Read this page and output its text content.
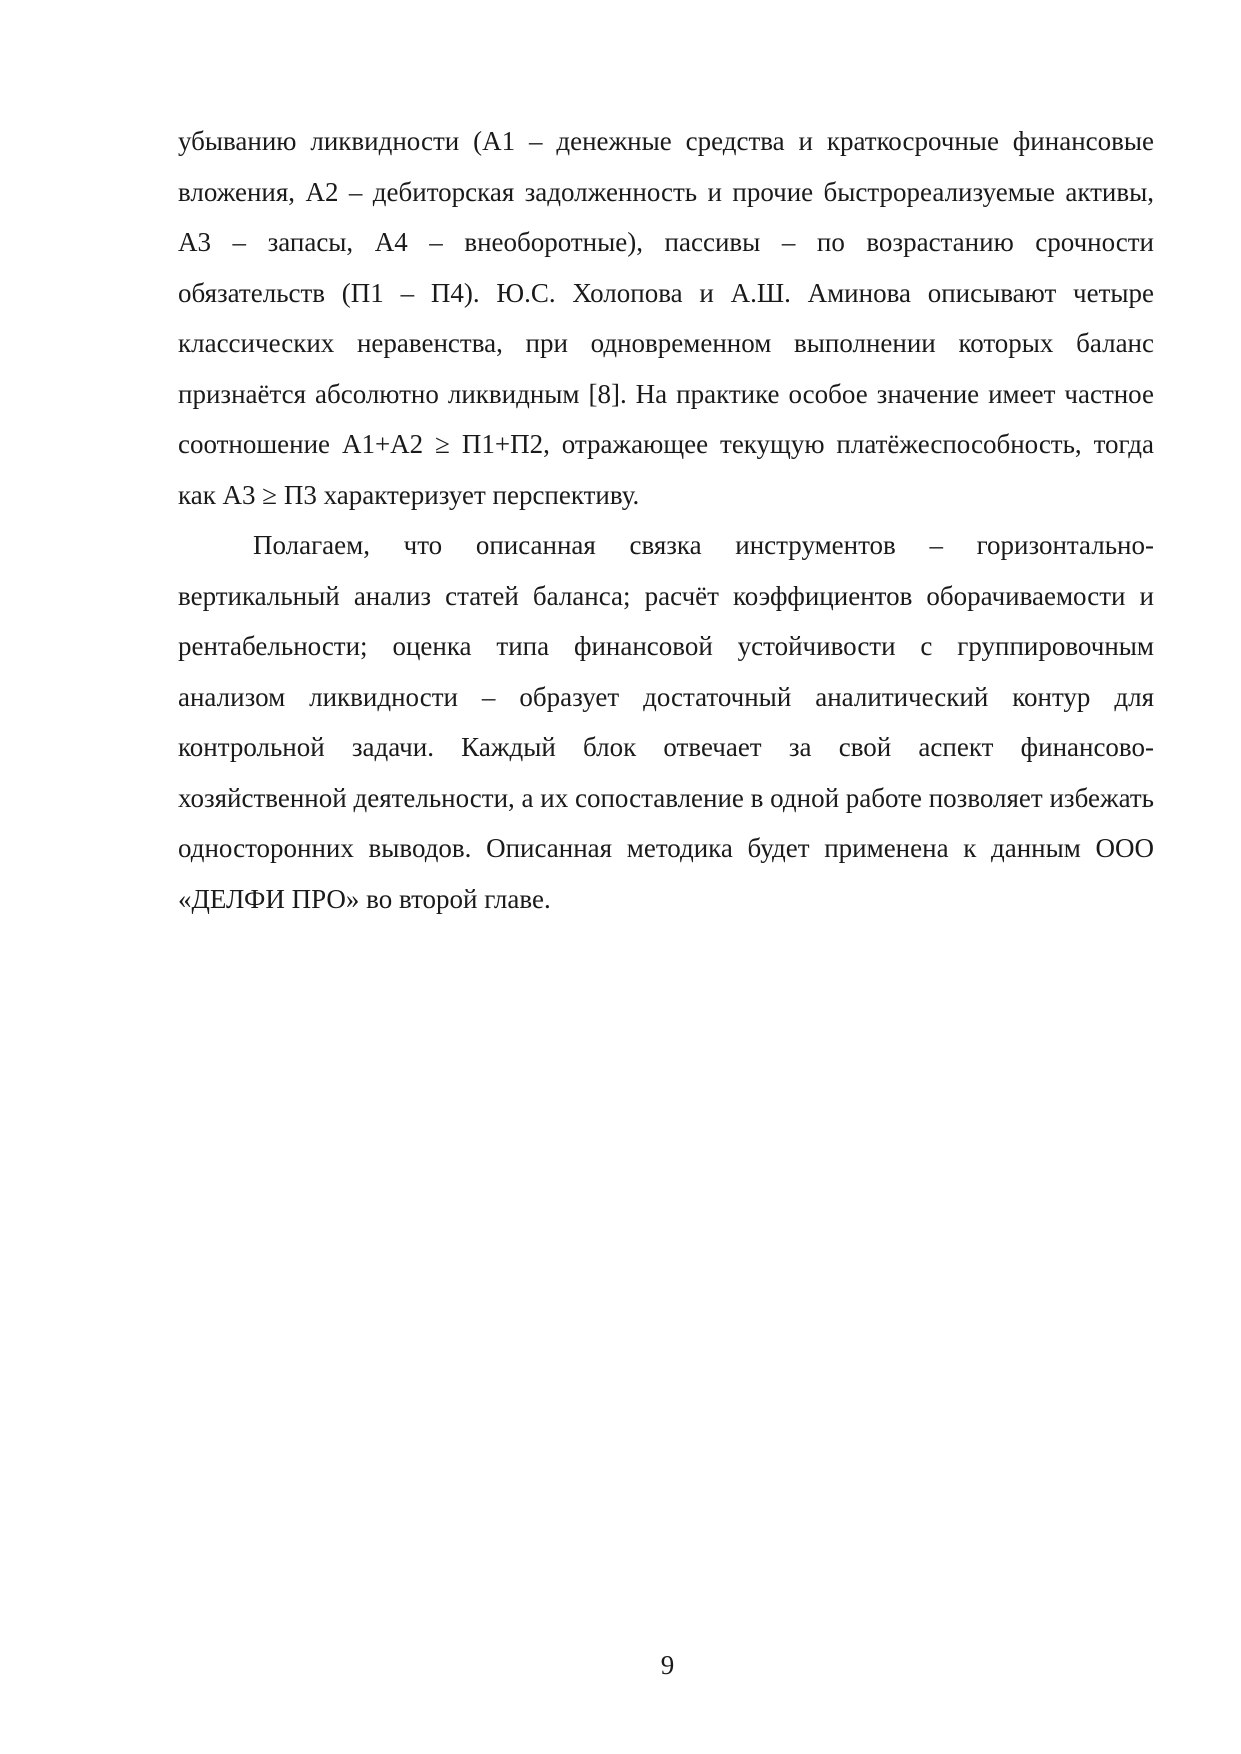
убыванию ликвидности (А1 – денежные средства и краткосрочные финансовые вложения, А2 – дебиторская задолженность и прочие быстрореализуемые активы, А3 – запасы, А4 – внеоборотные), пассивы – по возрастанию срочности обязательств (П1 – П4). Ю.С. Холопова и А.Ш. Аминова описывают четыре классических неравенства, при одновременном выполнении которых баланс признаётся абсолютно ликвидным [8]. На практике особое значение имеет частное соотношение А1+А2 ≥ П1+П2, отражающее текущую платёжеспособность, тогда как А3 ≥ П3 характеризует перспективу.

Полагаем, что описанная связка инструментов – горизонтально-вертикальный анализ статей баланса; расчёт коэффициентов оборачиваемости и рентабельности; оценка типа финансовой устойчивости с группировочным анализом ликвидности – образует достаточный аналитический контур для контрольной задачи. Каждый блок отвечает за свой аспект финансово-хозяйственной деятельности, а их сопоставление в одной работе позволяет избежать односторонних выводов. Описанная методика будет применена к данным ООО «ДЕЛФИ ПРО» во второй главе.

9
